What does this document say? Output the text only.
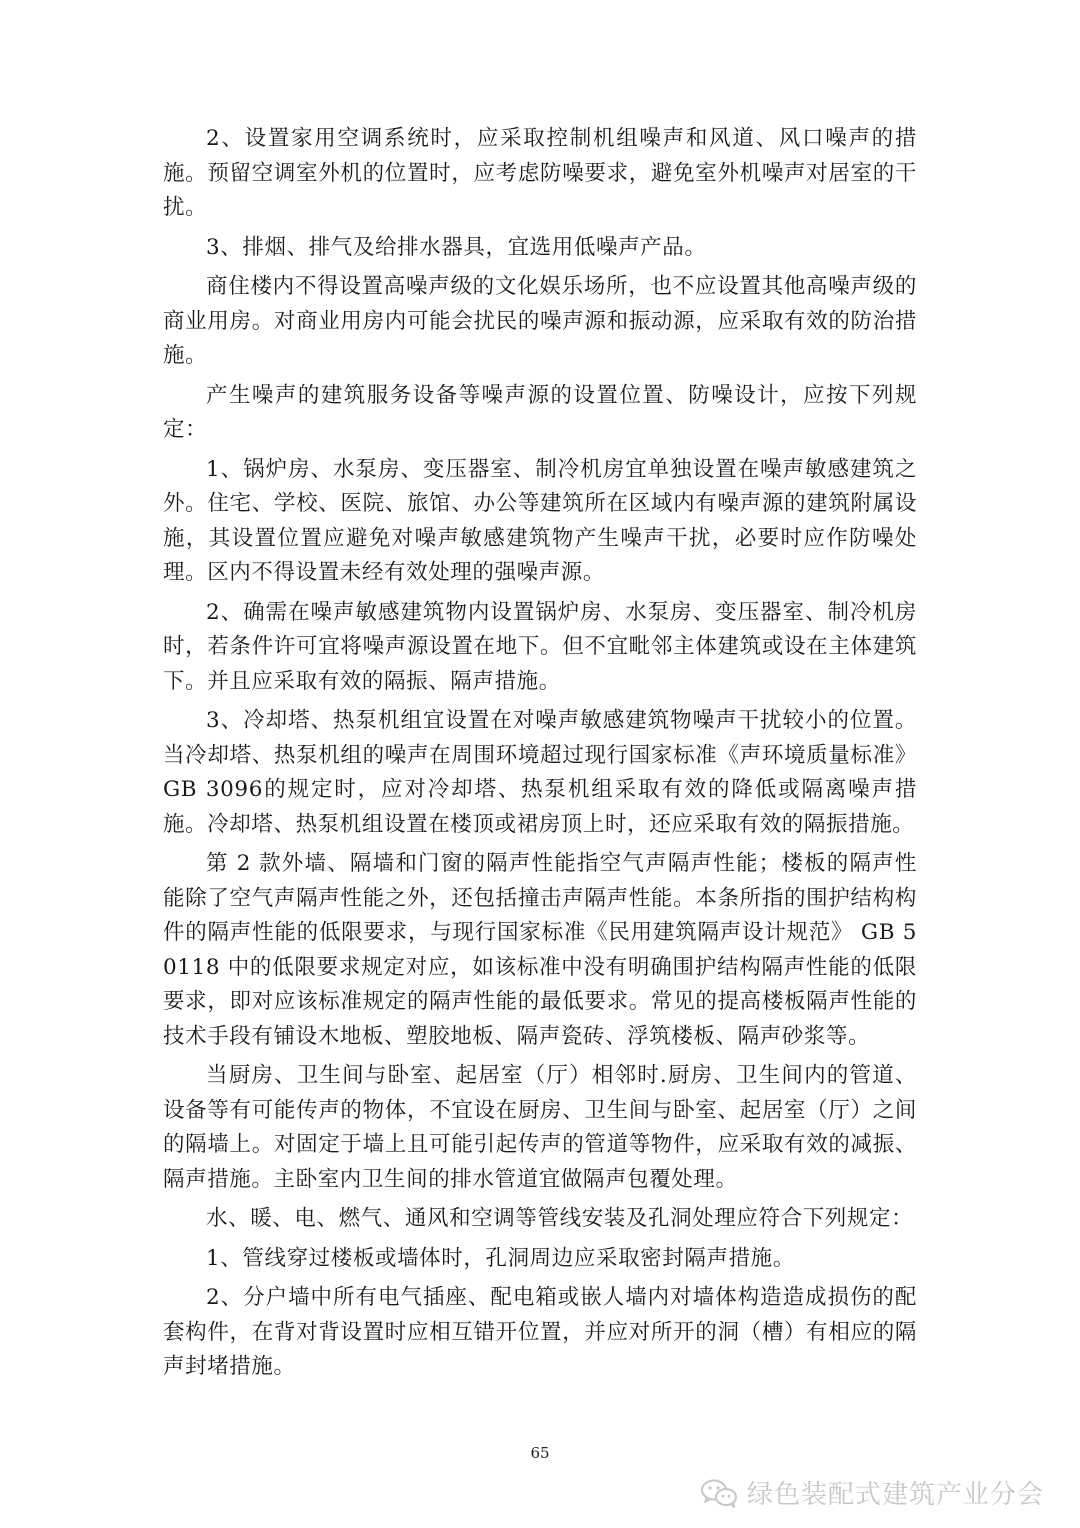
2、设置家用空调系统时，应采取控制机组噪声和风道、风口噪声的措施。预留空调室外机的位置时，应考虑防噪要求，避免室外机噪声对居室的干扰。

3、排烟、排气及给排水器具，宜选用低噪声产品。

商住楼内不得设置高噪声级的文化娱乐场所，也不应设置其他高噪声级的商业用房。对商业用房内可能会扰民的噪声源和振动源，应采取有效的防治措施。

产生噪声的建筑服务设备等噪声源的设置位置、防噪设计，应按下列规定：

1、锅炉房、水泵房、变压器室、制冷机房宜单独设置在噪声敏感建筑之外。住宅、学校、医院、旅馆、办公等建筑所在区域内有噪声源的建筑附属设施，其设置位置应避免对噪声敏感建筑物产生噪声干扰，必要时应作防噪处理。区内不得设置未经有效处理的强噪声源。

2、确需在噪声敏感建筑物内设置锅炉房、水泵房、变压器室、制冷机房时，若条件许可宜将噪声源设置在地下。但不宜毗邻主体建筑或设在主体建筑下。并且应采取有效的隔振、隔声措施。

3、冷却塔、热泵机组宜设置在对噪声敏感建筑物噪声干扰较小的位置。当冷却塔、热泵机组的噪声在周围环境超过现行国家标准《声环境质量标准》 GB 3096的规定时，应对冷却塔、热泵机组采取有效的降低或隔离噪声措施。冷却塔、热泵机组设置在楼顶或裙房顶上时，还应采取有效的隔振措施。

第 2 款外墙、隔墙和门窗的隔声性能指空气声隔声性能；楼板的隔声性能除了空气声隔声性能之外，还包括撞击声隔声性能。本条所指的围护结构构件的隔声性能的低限要求，与现行国家标准《民用建筑隔声设计规范》 GB 50118 中的低限要求规定对应，如该标准中没有明确围护结构隔声性能的低限要求，即对应该标准规定的隔声性能的最低要求。常见的提高楼板隔声性能的技术手段有铺设木地板、塑胶地板、隔声瓷砖、浮筑楼板、隔声砂浆等。

当厨房、卫生间与卧室、起居室（厅）相邻时.厨房、卫生间内的管道、设备等有可能传声的物体，不宜设在厨房、卫生间与卧室、起居室（厅）之间的隔墙上。对固定于墙上且可能引起传声的管道等物件，应采取有效的减振、隔声措施。主卧室内卫生间的排水管道宜做隔声包覆处理。

水、暖、电、燃气、通风和空调等管线安装及孔洞处理应符合下列规定：

1、管线穿过楼板或墙体时，孔洞周边应采取密封隔声措施。

2、分户墙中所有电气插座、配电箱或嵌人墙内对墙体构造造成损伤的配套构件，在背对背设置时应相互错开位置，并应对所开的洞（槽）有相应的隔声封堵措施。

65
绿色装配式建筑产业分会
